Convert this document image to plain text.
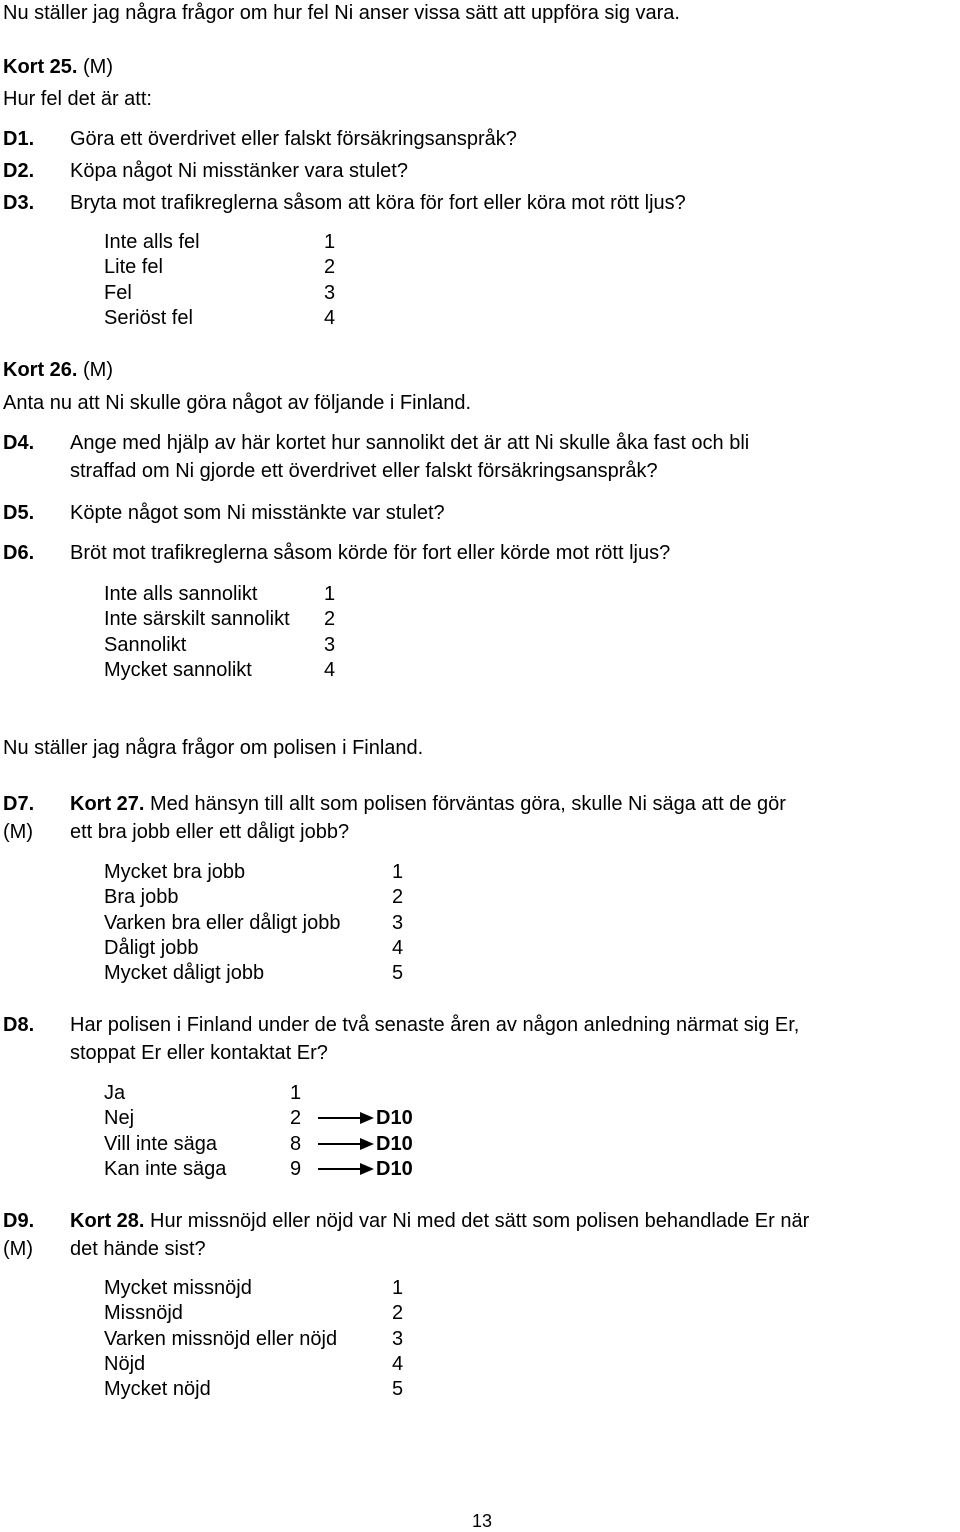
Nu ställer jag några frågor om hur fel Ni anser vissa sätt att uppföra sig vara.
Kort 25. (M)
Hur fel det är att:
D1. Göra ett överdrivet eller falskt försäkringsanspråk?
D2. Köpa något Ni misstänker vara stulet?
D3. Bryta mot trafikreglerna såsom att köra för fort eller köra mot rött ljus?
Inte alls fel	1
Lite fel	2
Fel	3
Seriöst fel	4
Kort 26. (M)
Anta nu att Ni skulle göra något av följande i Finland.
D4. Ange med hjälp av här kortet hur sannolikt det är att Ni skulle åka fast och bli
straffad om Ni gjorde ett överdrivet eller falskt försäkringsanspråk?
D5. Köpte något som Ni misstänkte var stulet?
D6. Bröt mot trafikreglerna såsom körde för fort eller körde mot rött ljus?
Inte alls sannolikt	1
Inte särskilt sannolikt 2
Sannolikt	3
Mycket sannolikt	4
Nu ställer jag några frågor om polisen i Finland.
D7.
(M)
Kort 27. Med hänsyn till allt som polisen förväntas göra, skulle Ni säga att de gör
ett bra jobb eller ett dåligt jobb?
Mycket bra jobb	1
Bra jobb	2
Varken bra eller dåligt jobb	3
Dåligt jobb	4
Mycket dåligt jobb	5
D8. Har polisen i Finland under de två senaste åren av någon anledning närmat sig Er,
stoppat Er eller kontaktat Er?
Ja	1
Nej	2	D10
Vill inte säga	8	D10
Kan inte säga	9	D10
D9.
(M)
Kort 28. Hur missnöjd eller nöjd var Ni med det sätt som polisen behandlade Er när
det hände sist?
Mycket missnöjd	1
Missnöjd	2
Varken missnöjd eller nöjd	3
Nöjd	4
Mycket nöjd	5
13
